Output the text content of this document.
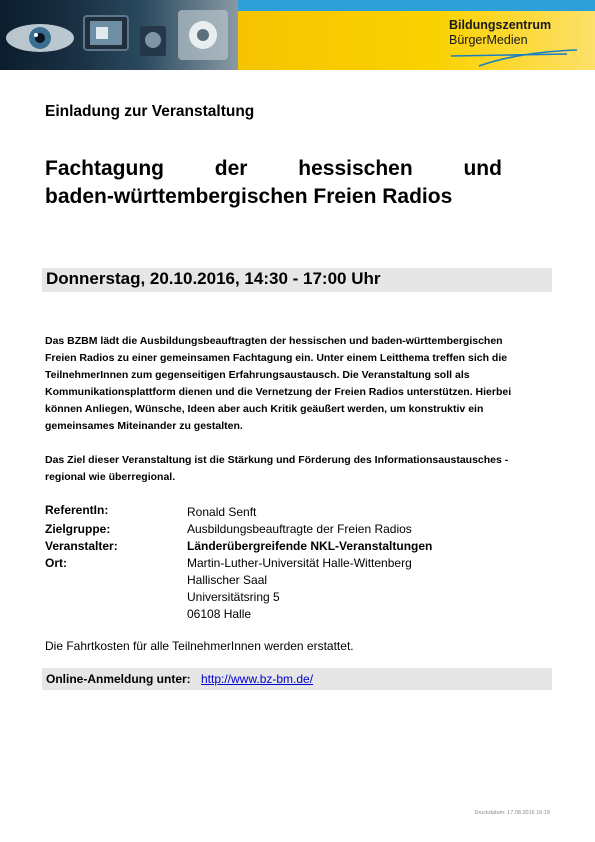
Bildungszentrum
BürgerMedien
Einladung zur Veranstaltung
Fachtagung der hessischen und
baden-württembergischen Freien Radios
Donnerstag, 20.10.2016, 14:30 - 17:00 Uhr

Das BZBM lädt die Ausbildungsbeauftragten der hessischen und baden-württembergischen
Freien Radios zu einer gemeinsamen Fachtagung ein. Unter einem Leitthema treffen sich die
TeilnehmerInnen zum gegenseitigen Erfahrungsaustausch. Die Veranstaltung soll als
Kommunikationsplattform dienen und die Vernetzung der Freien Radios unterstützen. Hierbei
können Anliegen, Wünsche, Ideen aber auch Kritik geäußert werden, um konstruktiv ein
gemeinsames Miteinander zu gestalten.

Das Ziel dieser Veranstaltung ist die Stärkung und Förderung des Informationsaustausches -
regional wie überregional.

ReferentIn:	Ronald Senft
Zielgruppe:	Ausbildungsbeauftragte der Freien Radios
Veranstalter:	Länderübergreifende NKL-Veranstaltungen
Ort:	Martin-Luther-Universität Halle-Wittenberg
Hallischer Saal
Universitätsring 5
06108 Halle
Die Fahrtkosten für alle TeilnehmerInnen werden erstattet.
Online-Anmeldung unter: http://www.bz-bm.de/
Druckdatum: 17.08.2016 16:19
